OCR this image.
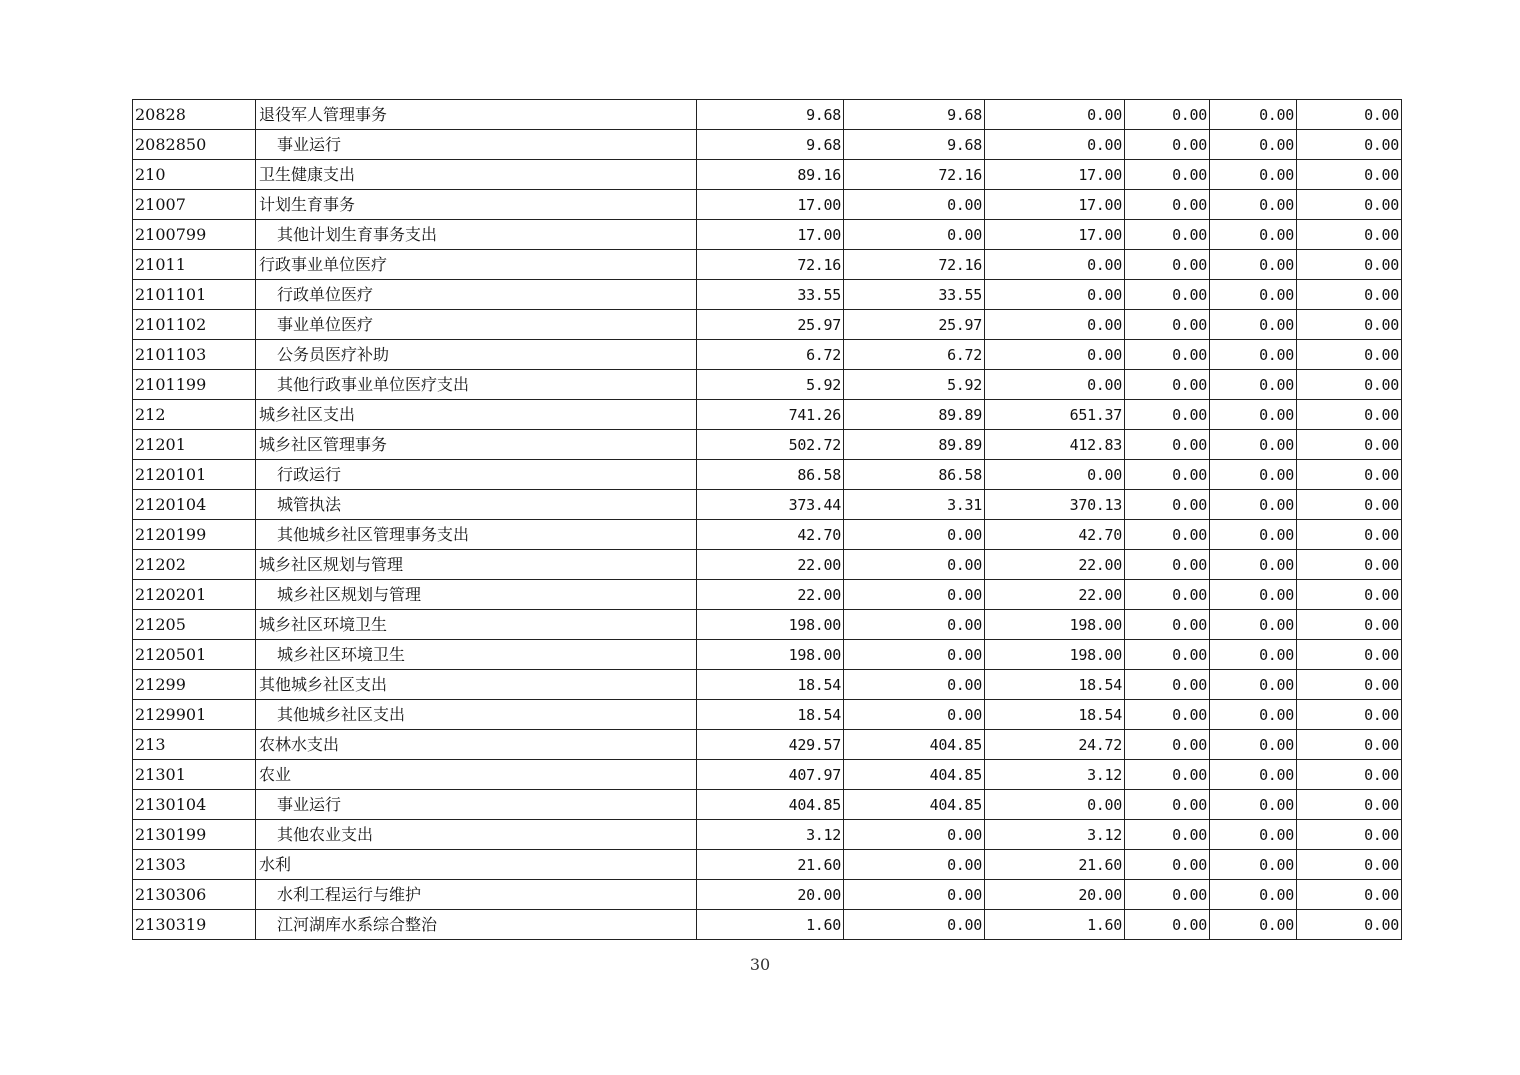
20828	退役军人管理事务	9.68	9.68	0.00	0.00	0.00	0.00
2082850	事业运行	9.68	9.68	0.00	0.00	0.00	0.00
210	卫生健康支出	89.16	72.16	17.00	0.00	0.00	0.00
21007	计划生育事务	17.00	0.00	17.00	0.00	0.00	0.00
2100799	其他计划生育事务支出	17.00	0.00	17.00	0.00	0.00	0.00
21011	行政事业单位医疗	72.16	72.16	0.00	0.00	0.00	0.00
2101101	行政单位医疗	33.55	33.55	0.00	0.00	0.00	0.00
2101102	事业单位医疗	25.97	25.97	0.00	0.00	0.00	0.00
2101103	公务员医疗补助	6.72	6.72	0.00	0.00	0.00	0.00
2101199	其他行政事业单位医疗支出	5.92	5.92	0.00	0.00	0.00	0.00
212	城乡社区支出	741.26	89.89	651.37	0.00	0.00	0.00
21201	城乡社区管理事务	502.72	89.89	412.83	0.00	0.00	0.00
2120101	行政运行	86.58	86.58	0.00	0.00	0.00	0.00
2120104	城管执法	373.44	3.31	370.13	0.00	0.00	0.00
2120199	其他城乡社区管理事务支出	42.70	0.00	42.70	0.00	0.00	0.00
21202	城乡社区规划与管理	22.00	0.00	22.00	0.00	0.00	0.00
2120201	城乡社区规划与管理	22.00	0.00	22.00	0.00	0.00	0.00
21205	城乡社区环境卫生	198.00	0.00	198.00	0.00	0.00	0.00
2120501	城乡社区环境卫生	198.00	0.00	198.00	0.00	0.00	0.00
21299	其他城乡社区支出	18.54	0.00	18.54	0.00	0.00	0.00
2129901	其他城乡社区支出	18.54	0.00	18.54	0.00	0.00	0.00
213	农林水支出	429.57	404.85	24.72	0.00	0.00	0.00
21301	农业	407.97	404.85	3.12	0.00	0.00	0.00
2130104	事业运行	404.85	404.85	0.00	0.00	0.00	0.00
2130199	其他农业支出	3.12	0.00	3.12	0.00	0.00	0.00
21303	水利	21.60	0.00	21.60	0.00	0.00	0.00
2130306	水利工程运行与维护	20.00	0.00	20.00	0.00	0.00	0.00
2130319	江河湖库水系综合整治	1.60	0.00	1.60	0.00	0.00	0.00
30
